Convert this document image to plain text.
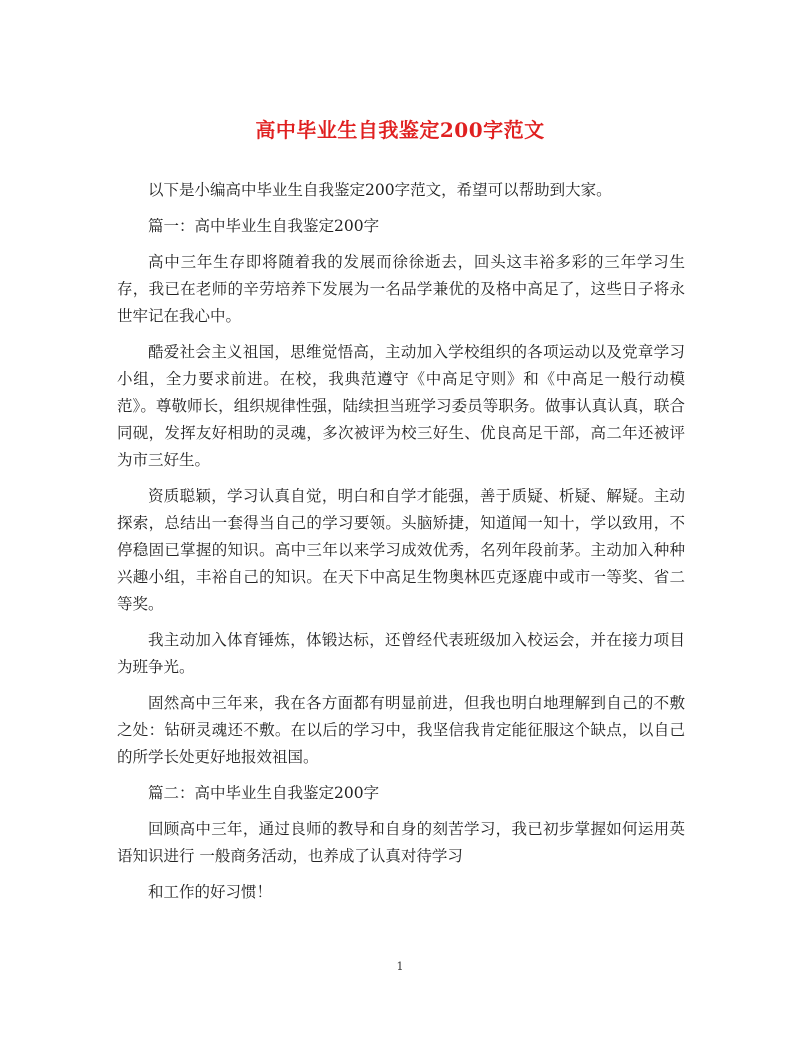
高中毕业生自我鉴定200字范文

以下是小编高中毕业生自我鉴定200字范文，希望可以帮助到大家。

篇一：高中毕业生自我鉴定200字

高中三年生存即将随着我的发展而徐徐逝去，回头这丰裕多彩的三年学习生存，我已在老师的辛劳培养下发展为一名品学兼优的及格中高足了，这些日子将永世牢记在我心中。

酷爱社会主义祖国，思维觉悟高，主动加入学校组织的各项运动以及党章学习小组，全力要求前进。在校，我典范遵守《中高足守则》和《中高足一般行动模范》。尊敬师长，组织规律性强，陆续担当班学习委员等职务。做事认真认真，联合同砚，发挥友好相助的灵魂，多次被评为校三好生、优良高足干部，高二年还被评为市三好生。

资质聪颖，学习认真自觉，明白和自学才能强，善于质疑、析疑、解疑。主动探索，总结出一套得当自己的学习要领。头脑矫捷，知道闻一知十，学以致用，不停稳固已掌握的知识。高中三年以来学习成效优秀，名列年段前茅。主动加入种种兴趣小组，丰裕自己的知识。在天下中高足生物奥林匹克逐鹿中或市一等奖、省二等奖。

我主动加入体育锤炼，体锻达标，还曾经代表班级加入校运会，并在接力项目为班争光。

固然高中三年来，我在各方面都有明显前进，但我也明白地理解到自己的不敷之处：钻研灵魂还不敷。在以后的学习中，我坚信我肯定能征服这个缺点，以自己的所学长处更好地报效祖国。

篇二：高中毕业生自我鉴定200字

回顾高中三年，通过良师的教导和自身的刻苦学习，我已初步掌握如何运用英语知识进行 一般商务活动，也养成了认真对待学习

和工作的好习惯！

1
